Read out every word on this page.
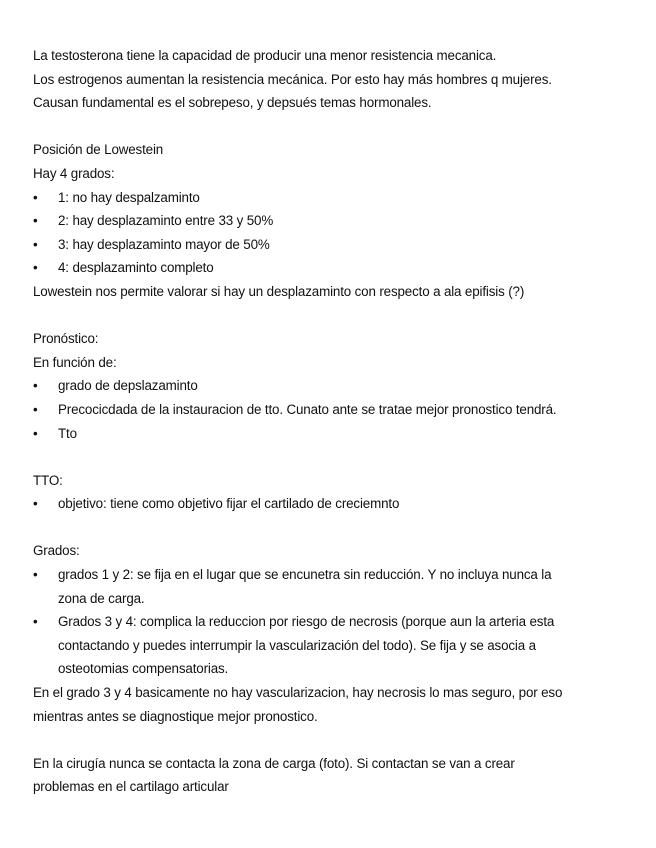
La testosterona tiene la capacidad de producir una menor resistencia mecanica.
Los estrogenos aumentan la resistencia mecánica. Por esto hay más hombres q mujeres.
Causan fundamental es el sobrepeso, y depsués temas hormonales.
Posición de Lowestein
Hay 4 grados:
• 1: no hay despalzaminto
• 2: hay desplazaminto entre 33 y 50%
• 3: hay desplazaminto mayor de 50%
• 4: desplazaminto completo
Lowestein nos permite valorar si hay un desplazaminto con respecto a ala epifisis (?)
Pronóstico:
En función de:
• grado de depslazaminto
• Precocicdada de la instauracion de tto. Cunato ante se tratae mejor pronostico tendrá.
• Tto
TTO:
• objetivo: tiene como objetivo fijar el cartilado de creciemnto
Grados:
• grados 1 y 2: se fija en el lugar que se encunetra sin reducción. Y no incluya nunca la
zona de carga.
• Grados 3 y 4: complica la reduccion por riesgo de necrosis (porque aun la arteria esta
contactando y puedes interrumpir la vascularización del todo). Se fija y se asocia a
osteotomias compensatorias.
En el grado 3 y 4 basicamente no hay vascularizacion, hay necrosis lo mas seguro, por eso
mientras antes se diagnostique mejor pronostico.
En la cirugía nunca se contacta la zona de carga (foto). Si contactan se van a crear
problemas en el cartilago articular
